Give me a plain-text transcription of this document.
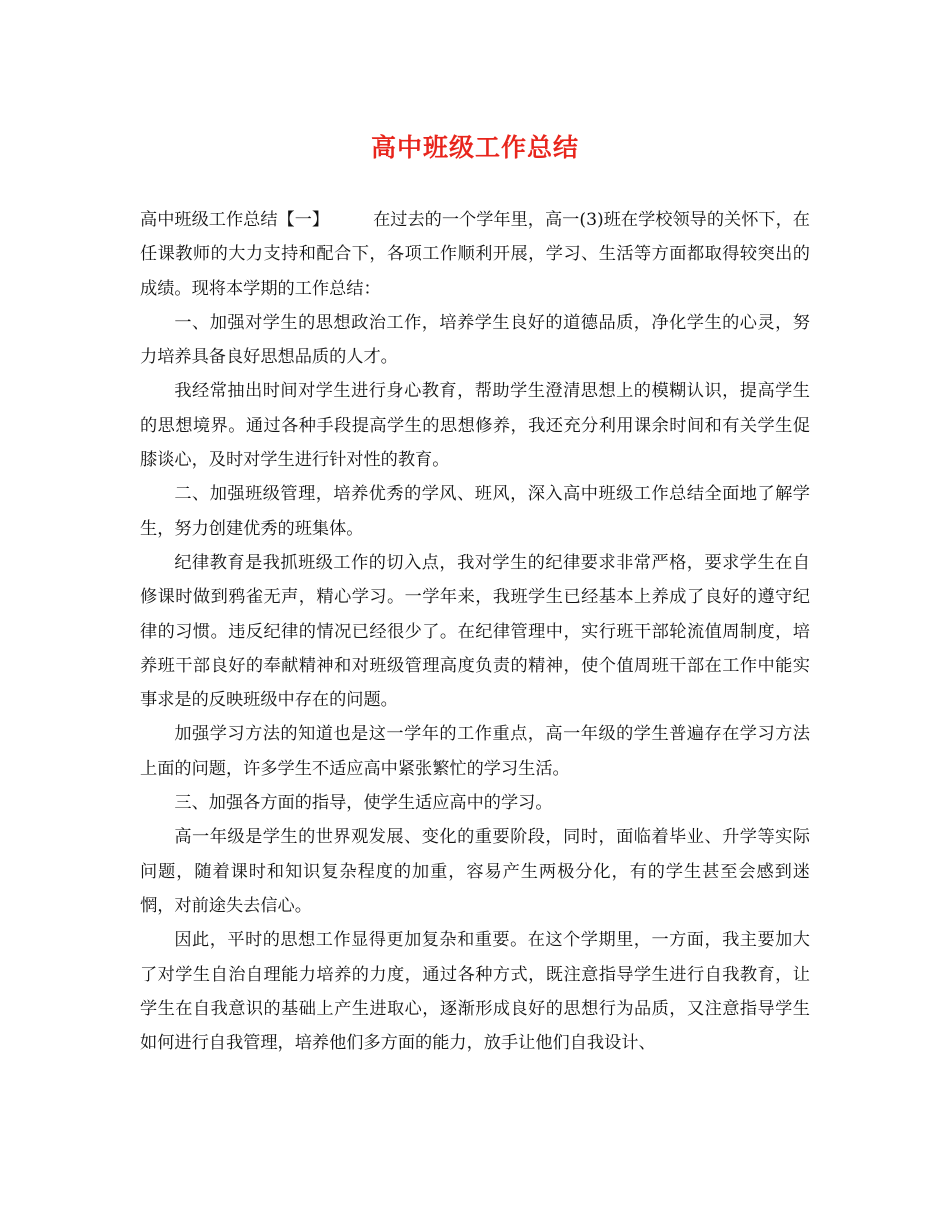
高中班级工作总结

高中班级工作总结【一】	在过去的一个学年里，高一(3)班在学校领导的关怀下，在任课教师的大力支持和配合下，各项工作顺利开展，学习、生活等方面都取得较突出的成绩。现将本学期的工作总结：

一、加强对学生的思想政治工作，培养学生良好的道德品质，净化学生的心灵，努力培养具备良好思想品质的人才。

我经常抽出时间对学生进行身心教育，帮助学生澄清思想上的模糊认识，提高学生的思想境界。通过各种手段提高学生的思想修养，我还充分利用课余时间和有关学生促膝谈心，及时对学生进行针对性的教育。

二、加强班级管理，培养优秀的学风、班风，深入高中班级工作总结全面地了解学生，努力创建优秀的班集体。

纪律教育是我抓班级工作的切入点，我对学生的纪律要求非常严格，要求学生在自修课时做到鸦雀无声，精心学习。一学年来，我班学生已经基本上养成了良好的遵守纪律的习惯。违反纪律的情况已经很少了。在纪律管理中，实行班干部轮流值周制度，培养班干部良好的奉献精神和对班级管理高度负责的精神，使个值周班干部在工作中能实事求是的反映班级中存在的问题。

加强学习方法的知道也是这一学年的工作重点，高一年级的学生普遍存在学习方法上面的问题，许多学生不适应高中紧张繁忙的学习生活。

三、加强各方面的指导，使学生适应高中的学习。

高一年级是学生的世界观发展、变化的重要阶段，同时，面临着毕业、升学等实际问题，随着课时和知识复杂程度的加重，容易产生两极分化，有的学生甚至会感到迷惘，对前途失去信心。

因此，平时的思想工作显得更加复杂和重要。在这个学期里，一方面，我主要加大了对学生自治自理能力培养的力度，通过各种方式，既注意指导学生进行自我教育，让学生在自我意识的基础上产生进取心，逐渐形成良好的思想行为品质，又注意指导学生如何进行自我管理，培养他们多方面的能力，放手让他们自我设计、
